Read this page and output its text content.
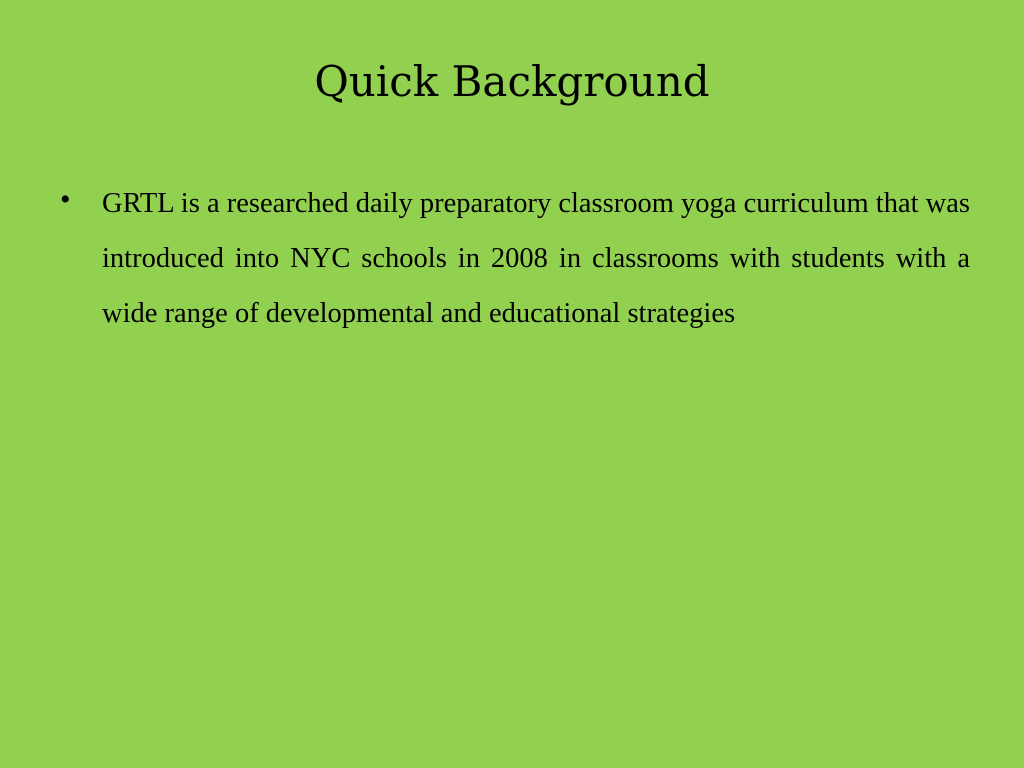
Quick Background
•	GRTL is a researched daily preparatory classroom yoga curriculum that was introduced into NYC schools in 2008 in classrooms with students with a wide range of developmental and educational strategies
